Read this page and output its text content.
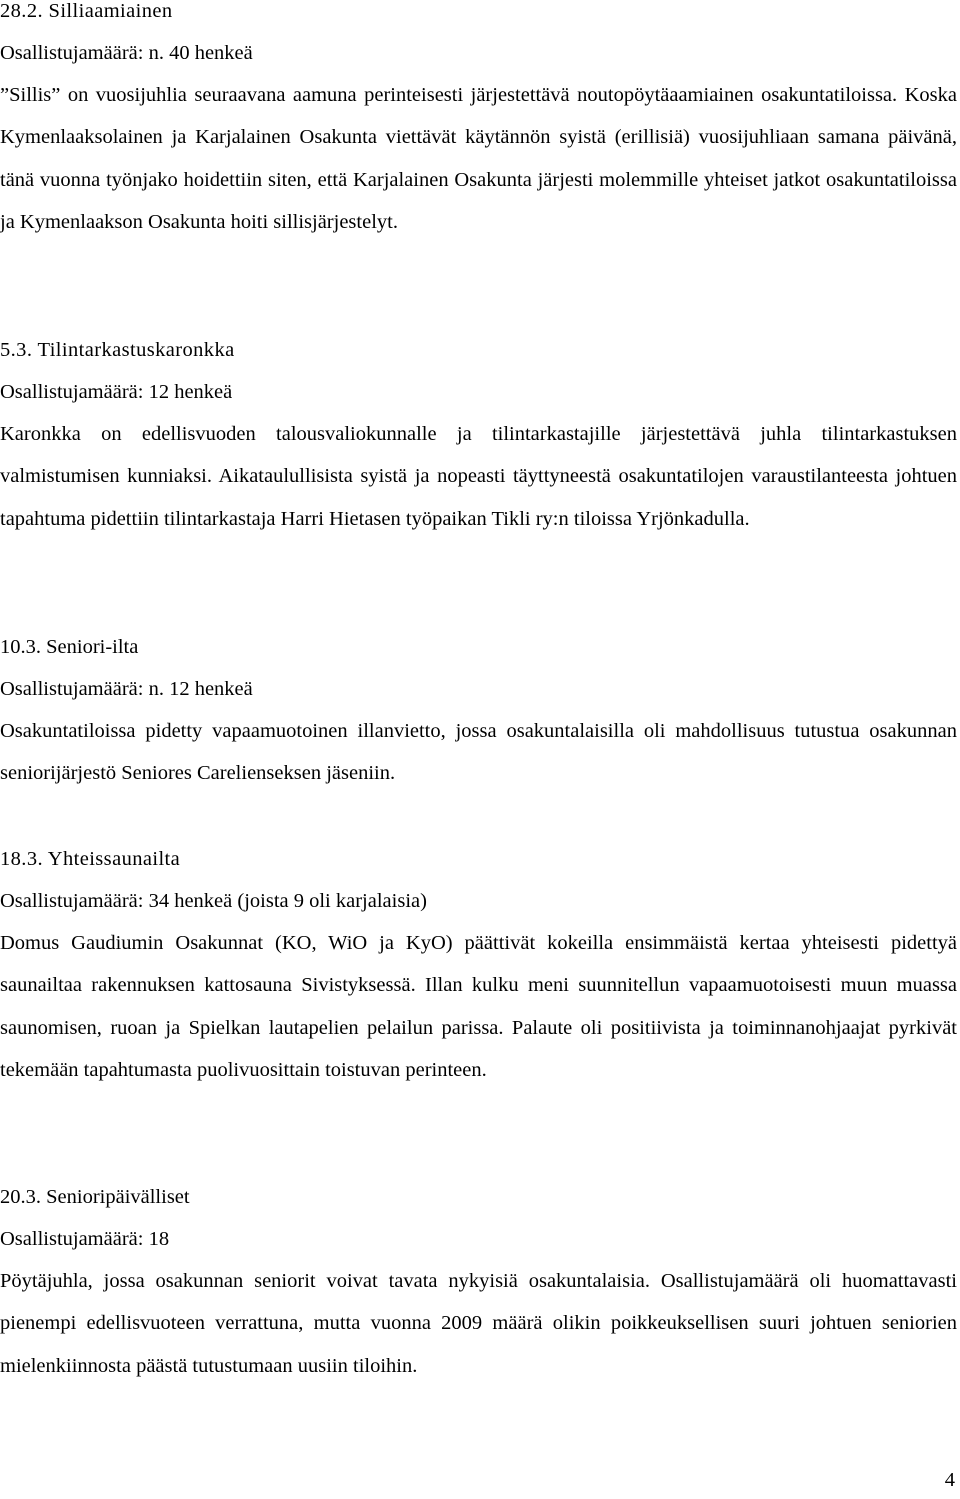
28.2. Silliaamiainen
Osallistujamäärä: n. 40 henkeä

”Sillis” on vuosijuhlia seuraavana aamuna perinteisesti järjestettävä noutopöytäaamiainen osakuntatiloissa. Koska Kymenlaaksolainen ja Karjalainen Osakunta viettävät käytännön syistä (erillisiä) vuosijuhliaan samana päivänä, tänä vuonna työnjako hoidettiin siten, että Karjalainen Osakunta järjesti molemmille yhteiset jatkot osakuntatiloissa ja Kymenlaakson Osakunta hoiti sillisjärjestelyt.

5.3. Tilintarkastuskaronkka
Osallistujamäärä: 12 henkeä

Karonkka on edellisvuoden talousvaliokunnalle ja tilintarkastajille järjestettävä juhla tilintarkastuksen valmistumisen kunniaksi. Aikataulullisista syistä ja nopeasti täyttyneestä osakuntatilojen varaustilanteesta johtuen tapahtuma pidettiin tilintarkastaja Harri Hietasen työpaikan Tikli ry:n tiloissa Yrjönkadulla.

10.3. Seniori-ilta
Osallistujamäärä: n. 12 henkeä

Osakuntatiloissa pidetty vapaamuotoinen illanvietto, jossa osakuntalaisilla oli mahdollisuus tutustua osakunnan seniorijärjestö Seniores Carelienseksen jäseniin.

18.3. Yhteissaunailta
Osallistujamäärä: 34 henkeä (joista 9 oli karjalaisia)

Domus Gaudiumin Osakunnat (KO, WiO ja KyO) päättivät kokeilla ensimmäistä kertaa yhteisesti pidettyä saunailtaa rakennuksen kattosauna Sivistyksessä. Illan kulku meni suunnitellun vapaamuotoisesti muun muassa saunomisen, ruoan ja Spielkan lautapelien pelailun parissa. Palaute oli positiivista ja toiminnanohjaajat pyrkivät tekemään tapahtumasta puolivuosittain toistuvan perinteen.

20.3. Senioripäivälliset
Osallistujamäärä: 18

Pöytäjuhla, jossa osakunnan seniorit voivat tavata nykyisiä osakuntalaisia. Osallistujamäärä oli huomattavasti pienempi edellisvuoteen verrattuna, mutta vuonna 2009 määrä olikin poikkeuksellisen suuri johtuen seniorien mielenkiinnosta päästä tutustumaan uusiin tiloihin.

4
